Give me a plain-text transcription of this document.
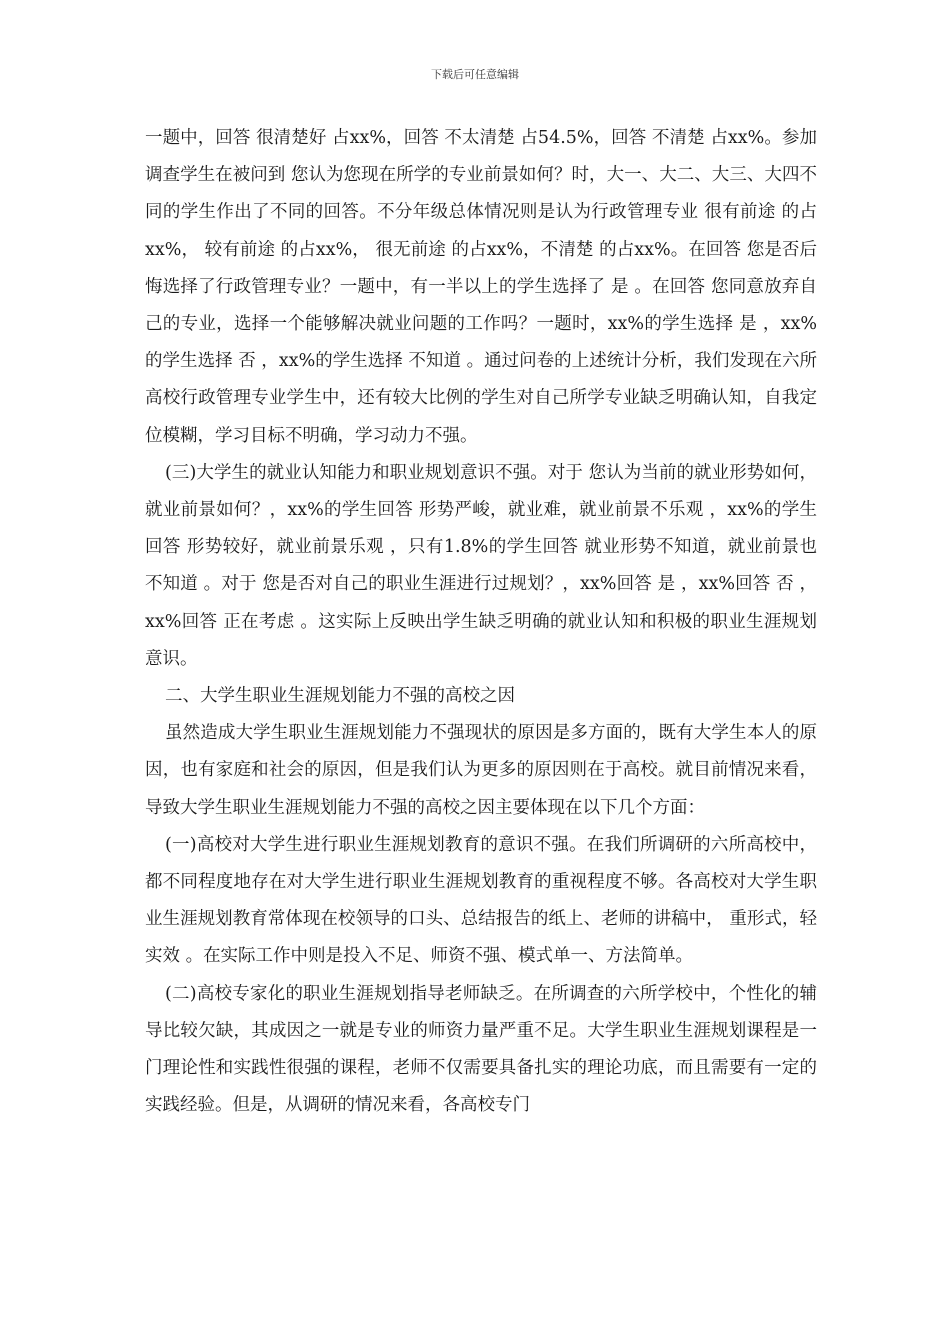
下载后可任意编辑

一题中，回答 很清楚好 占xx%，回答 不太清楚 占54.5%，回答 不清楚 占xx%。参加调查学生在被问到 您认为您现在所学的专业前景如何？时，大一、大二、大三、大四不同的学生作出了不同的回答。不分年级总体情况则是认为行政管理专业 很有前途 的占xx%， 较有前途 的占xx%， 很无前途 的占xx%，不清楚 的占xx%。在回答 您是否后悔选择了行政管理专业？一题中，有一半以上的学生选择了 是 。在回答 您同意放弃自己的专业，选择一个能够解决就业问题的工作吗？一题时，xx%的学生选择 是 ，xx%的学生选择 否 ，xx%的学生选择 不知道 。通过问卷的上述统计分析，我们发现在六所高校行政管理专业学生中，还有较大比例的学生对自己所学专业缺乏明确认知，自我定位模糊，学习目标不明确，学习动力不强。

(三)大学生的就业认知能力和职业规划意识不强。对于 您认为当前的就业形势如何，就业前景如何？，xx%的学生回答 形势严峻，就业难，就业前景不乐观 ，xx%的学生回答 形势较好，就业前景乐观 ，只有1.8%的学生回答 就业形势不知道，就业前景也不知道 。对于 您是否对自己的职业生涯进行过规划？，xx%回答 是 ，xx%回答 否 ，xx%回答 正在考虑 。这实际上反映出学生缺乏明确的就业认知和积极的职业生涯规划意识。

二、大学生职业生涯规划能力不强的高校之因

虽然造成大学生职业生涯规划能力不强现状的原因是多方面的，既有大学生本人的原因，也有家庭和社会的原因，但是我们认为更多的原因则在于高校。就目前情况来看，导致大学生职业生涯规划能力不强的高校之因主要体现在以下几个方面：

(一)高校对大学生进行职业生涯规划教育的意识不强。在我们所调研的六所高校中，都不同程度地存在对大学生进行职业生涯规划教育的重视程度不够。各高校对大学生职业生涯规划教育常体现在校领导的口头、总结报告的纸上、老师的讲稿中， 重形式，轻实效 。在实际工作中则是投入不足、师资不强、模式单一、方法简单。

(二)高校专家化的职业生涯规划指导老师缺乏。在所调查的六所学校中，个性化的辅导比较欠缺，其成因之一就是专业的师资力量严重不足。大学生职业生涯规划课程是一门理论性和实践性很强的课程，老师不仅需要具备扎实的理论功底，而且需要有一定的实践经验。但是，从调研的情况来看，各高校专门
